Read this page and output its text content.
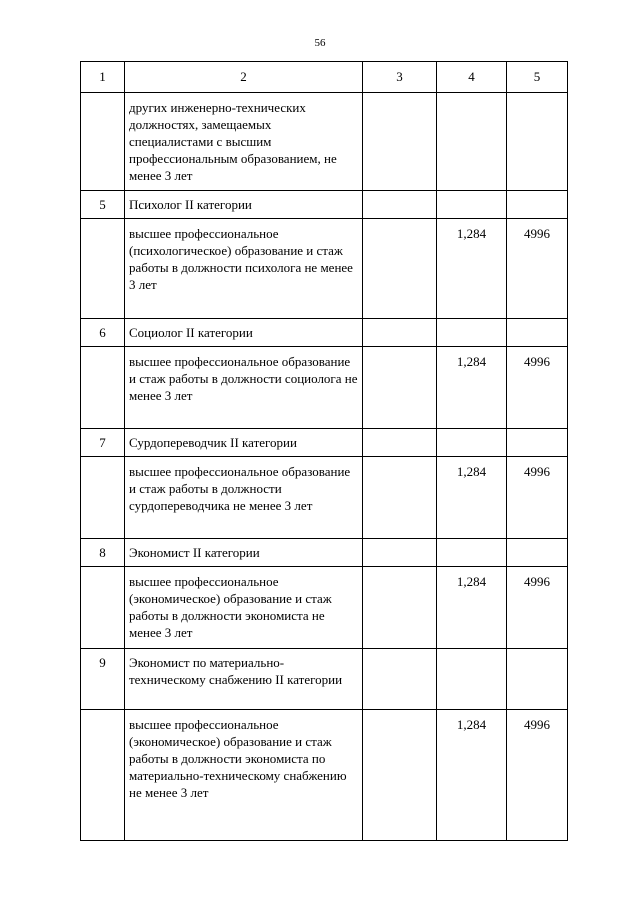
56
1	2	3	4	5
	других инженерно-технических должностях, замещаемых специалистами с высшим профессиональным образованием, не менее 3 лет			
5	Психолог II категории			
	высшее профессиональное (психологическое) образование и стаж работы в должности психолога не менее 3 лет		1,284	4996
6	Социолог II категории			
	высшее профессиональное образование и стаж работы в должности социолога не менее 3 лет		1,284	4996
7	Сурдопереводчик II категории			
	высшее профессиональное образование и стаж работы в должности сурдопереводчика не менее 3 лет		1,284	4996
8	Экономист II категории			
	высшее профессиональное (экономическое) образование и стаж работы в должности экономиста не менее 3 лет		1,284	4996
9	Экономист по материально-техническому снабжению II категории			
	высшее профессиональное (экономическое) образование и стаж работы в должности экономиста по материально-техническому снабжению не менее 3 лет		1,284	4996
